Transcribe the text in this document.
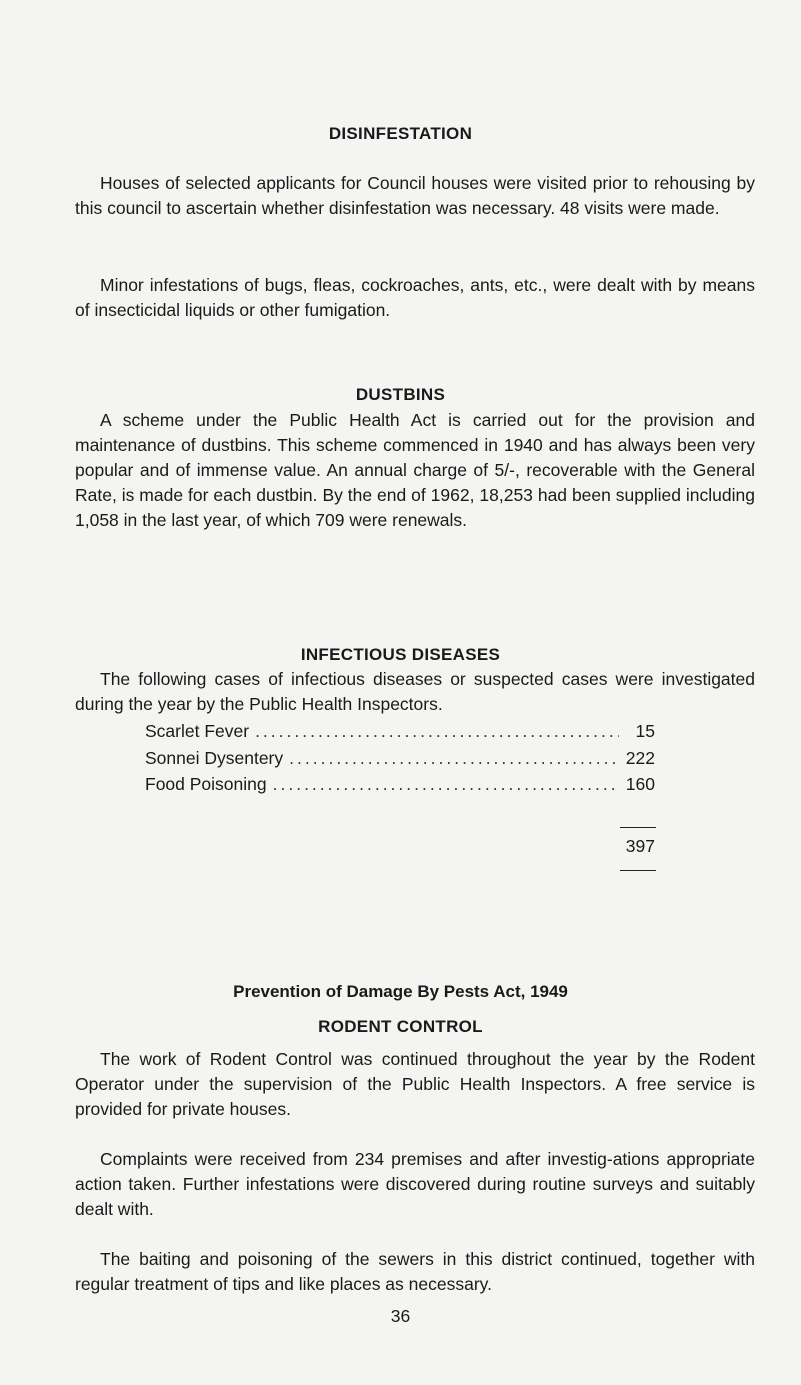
DISINFESTATION
Houses of selected applicants for Council houses were visited prior to rehousing by this council to ascertain whether disinfestation was necessary. 48 visits were made.
Minor infestations of bugs, fleas, cockroaches, ants, etc., were dealt with by means of insecticidal liquids or other fumigation.
DUSTBINS
A scheme under the Public Health Act is carried out for the provision and maintenance of dustbins. This scheme commenced in 1940 and has always been very popular and of immense value. An annual charge of 5/-, recoverable with the General Rate, is made for each dustbin. By the end of 1962, 18,253 had been supplied including 1,058 in the last year, of which 709 were renewals.
INFECTIOUS DISEASES
The following cases of infectious diseases or suspected cases were investigated during the year by the Public Health Inspectors.
Scarlet Fever .....	15
Sonnei Dysentery .....	222
Food Poisoning .....	160
397
Prevention of Damage By Pests Act, 1949
RODENT CONTROL
The work of Rodent Control was continued throughout the year by the Rodent Operator under the supervision of the Public Health Inspectors. A free service is provided for private houses.
Complaints were received from 234 premises and after investig-ations appropriate action taken. Further infestations were discovered during routine surveys and suitably dealt with.
The baiting and poisoning of the sewers in this district continued, together with regular treatment of tips and like places as necessary.
36
